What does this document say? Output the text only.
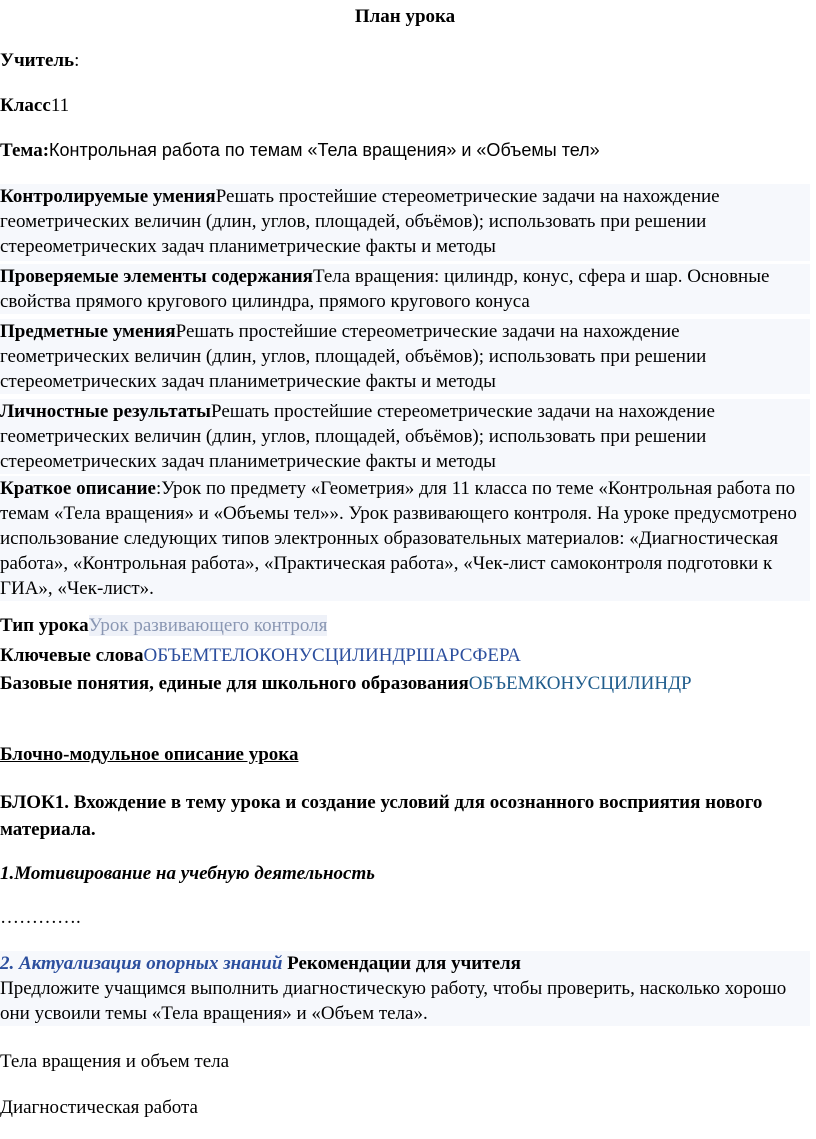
План урока
Учитель:
Класс11
Тема:Контрольная работа по темам «Тела вращения» и «Объемы тел»
Контролируемые уменияРешать простейшие стереометрические задачи на нахождение геометрических величин (длин, углов, площадей, объёмов); использовать при решении стереометрических задач планиметрические факты и методы
Проверяемые элементы содержанияТела вращения: цилиндр, конус, сфера и шар. Основные свойства прямого кругового цилиндра, прямого кругового конуса
Предметные уменияРешать простейшие стереометрические задачи на нахождение геометрических величин (длин, углов, площадей, объёмов); использовать при решении стереометрических задач планиметрические факты и методы
Личностные результатыРешать простейшие стереометрические задачи на нахождение геометрических величин (длин, углов, площадей, объёмов); использовать при решении стереометрических задач планиметрические факты и методы
Краткое описание:Урок по предмету «Геометрия» для 11 класса по теме «Контрольная работа по темам «Тела вращения» и «Объемы тел»». Урок развивающего контроля. На уроке предусмотрено использование следующих типов электронных образовательных материалов: «Диагностическая работа», «Контрольная работа», «Практическая работа», «Чек-лист самоконтроля подготовки к ГИА», «Чек-лист».
Тип урокаУрок развивающего контроля
Ключевые словаОБЪЕМТЕЛОКОНУСЦИЛИНДРШАРСФЕРА
Базовые понятия, единые для школьного образованияОБЪЕМКОНУСЦИЛИНДР
Блочно-модульное описание урока
БЛОК1. Вхождение в тему урока и создание условий для осознанного восприятия нового материала.
1.Мотивирование на учебную деятельность
………….
2. Актуализация опорных знаний Рекомендации для учителя
Предложите учащимся выполнить диагностическую работу, чтобы проверить, насколько хорошо они усвоили темы «Тела вращения» и «Объем тела».
Тела вращения и объем тела
Диагностическая работа
